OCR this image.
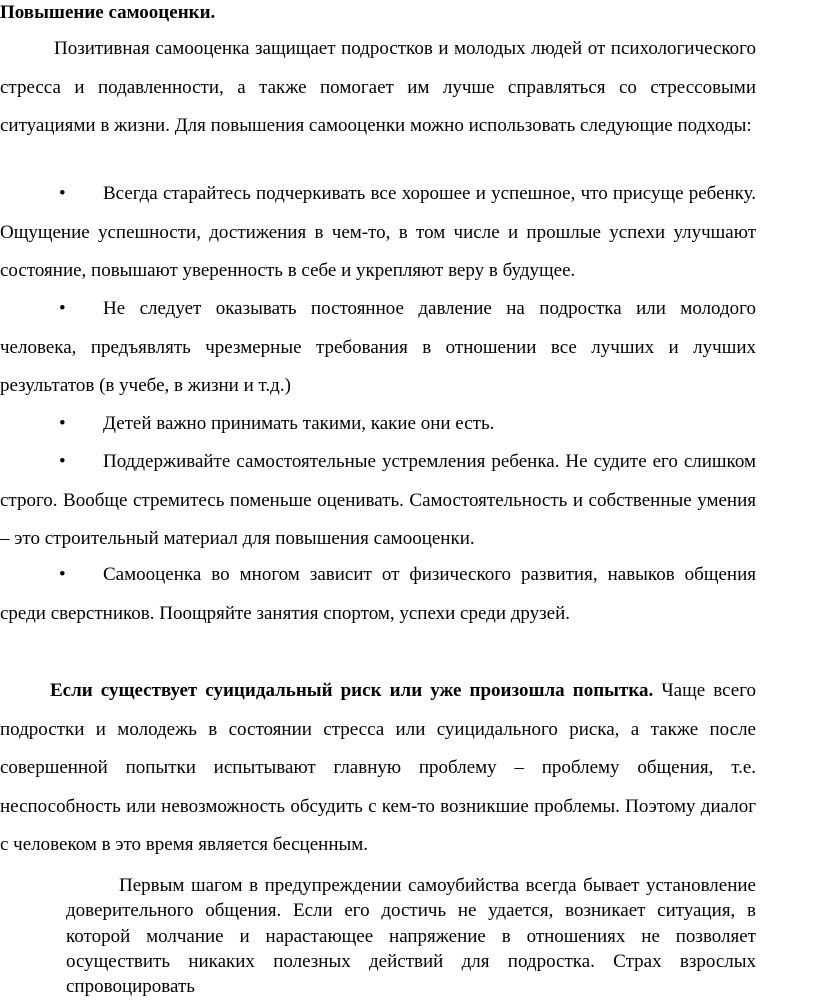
Повышение самооценки.

Позитивная самооценка защищает подростков и молодых людей от психологического стресса и подавленности, а также помогает им лучше справляться со стрессовыми ситуациями в жизни. Для повышения самооценки можно использовать следующие подходы:

• Всегда старайтесь подчеркивать все хорошее и успешное, что присуще ребенку. Ощущение успешности, достижения в чем-то, в том числе и прошлые успехи улучшают состояние, повышают уверенность в себе и укрепляют веру в будущее.

• Не следует оказывать постоянное давление на подростка или молодого человека, предъявлять чрезмерные требования в отношении все лучших и лучших результатов (в учебе, в жизни и т.д.)

• Детей важно принимать такими, какие они есть.

• Поддерживайте самостоятельные устремления ребенка. Не судите его слишком строго. Вообще стремитесь поменьше оценивать. Самостоятельность и собственные умения – это строительный материал для повышения самооценки.

• Самооценка во многом зависит от физического развития, навыков общения среди сверстников. Поощряйте занятия спортом, успехи среди друзей.

Если существует суицидальный риск или уже произошла попытка. Чаще всего подростки и молодежь в состоянии стресса или суицидального риска, а также после совершенной попытки испытывают главную проблему – проблему общения, т.е. неспособность или невозможность обсудить с кем-то возникшие проблемы. Поэтому диалог с человеком в это время является бесценным.

Первым шагом в предупреждении самоубийства всегда бывает установление доверительного общения. Если его достичь не удается, возникает ситуация, в которой молчание и нарастающее напряжение в отношениях не позволяет осуществить никаких полезных действий для подростка. Страх взрослых спровоцировать
